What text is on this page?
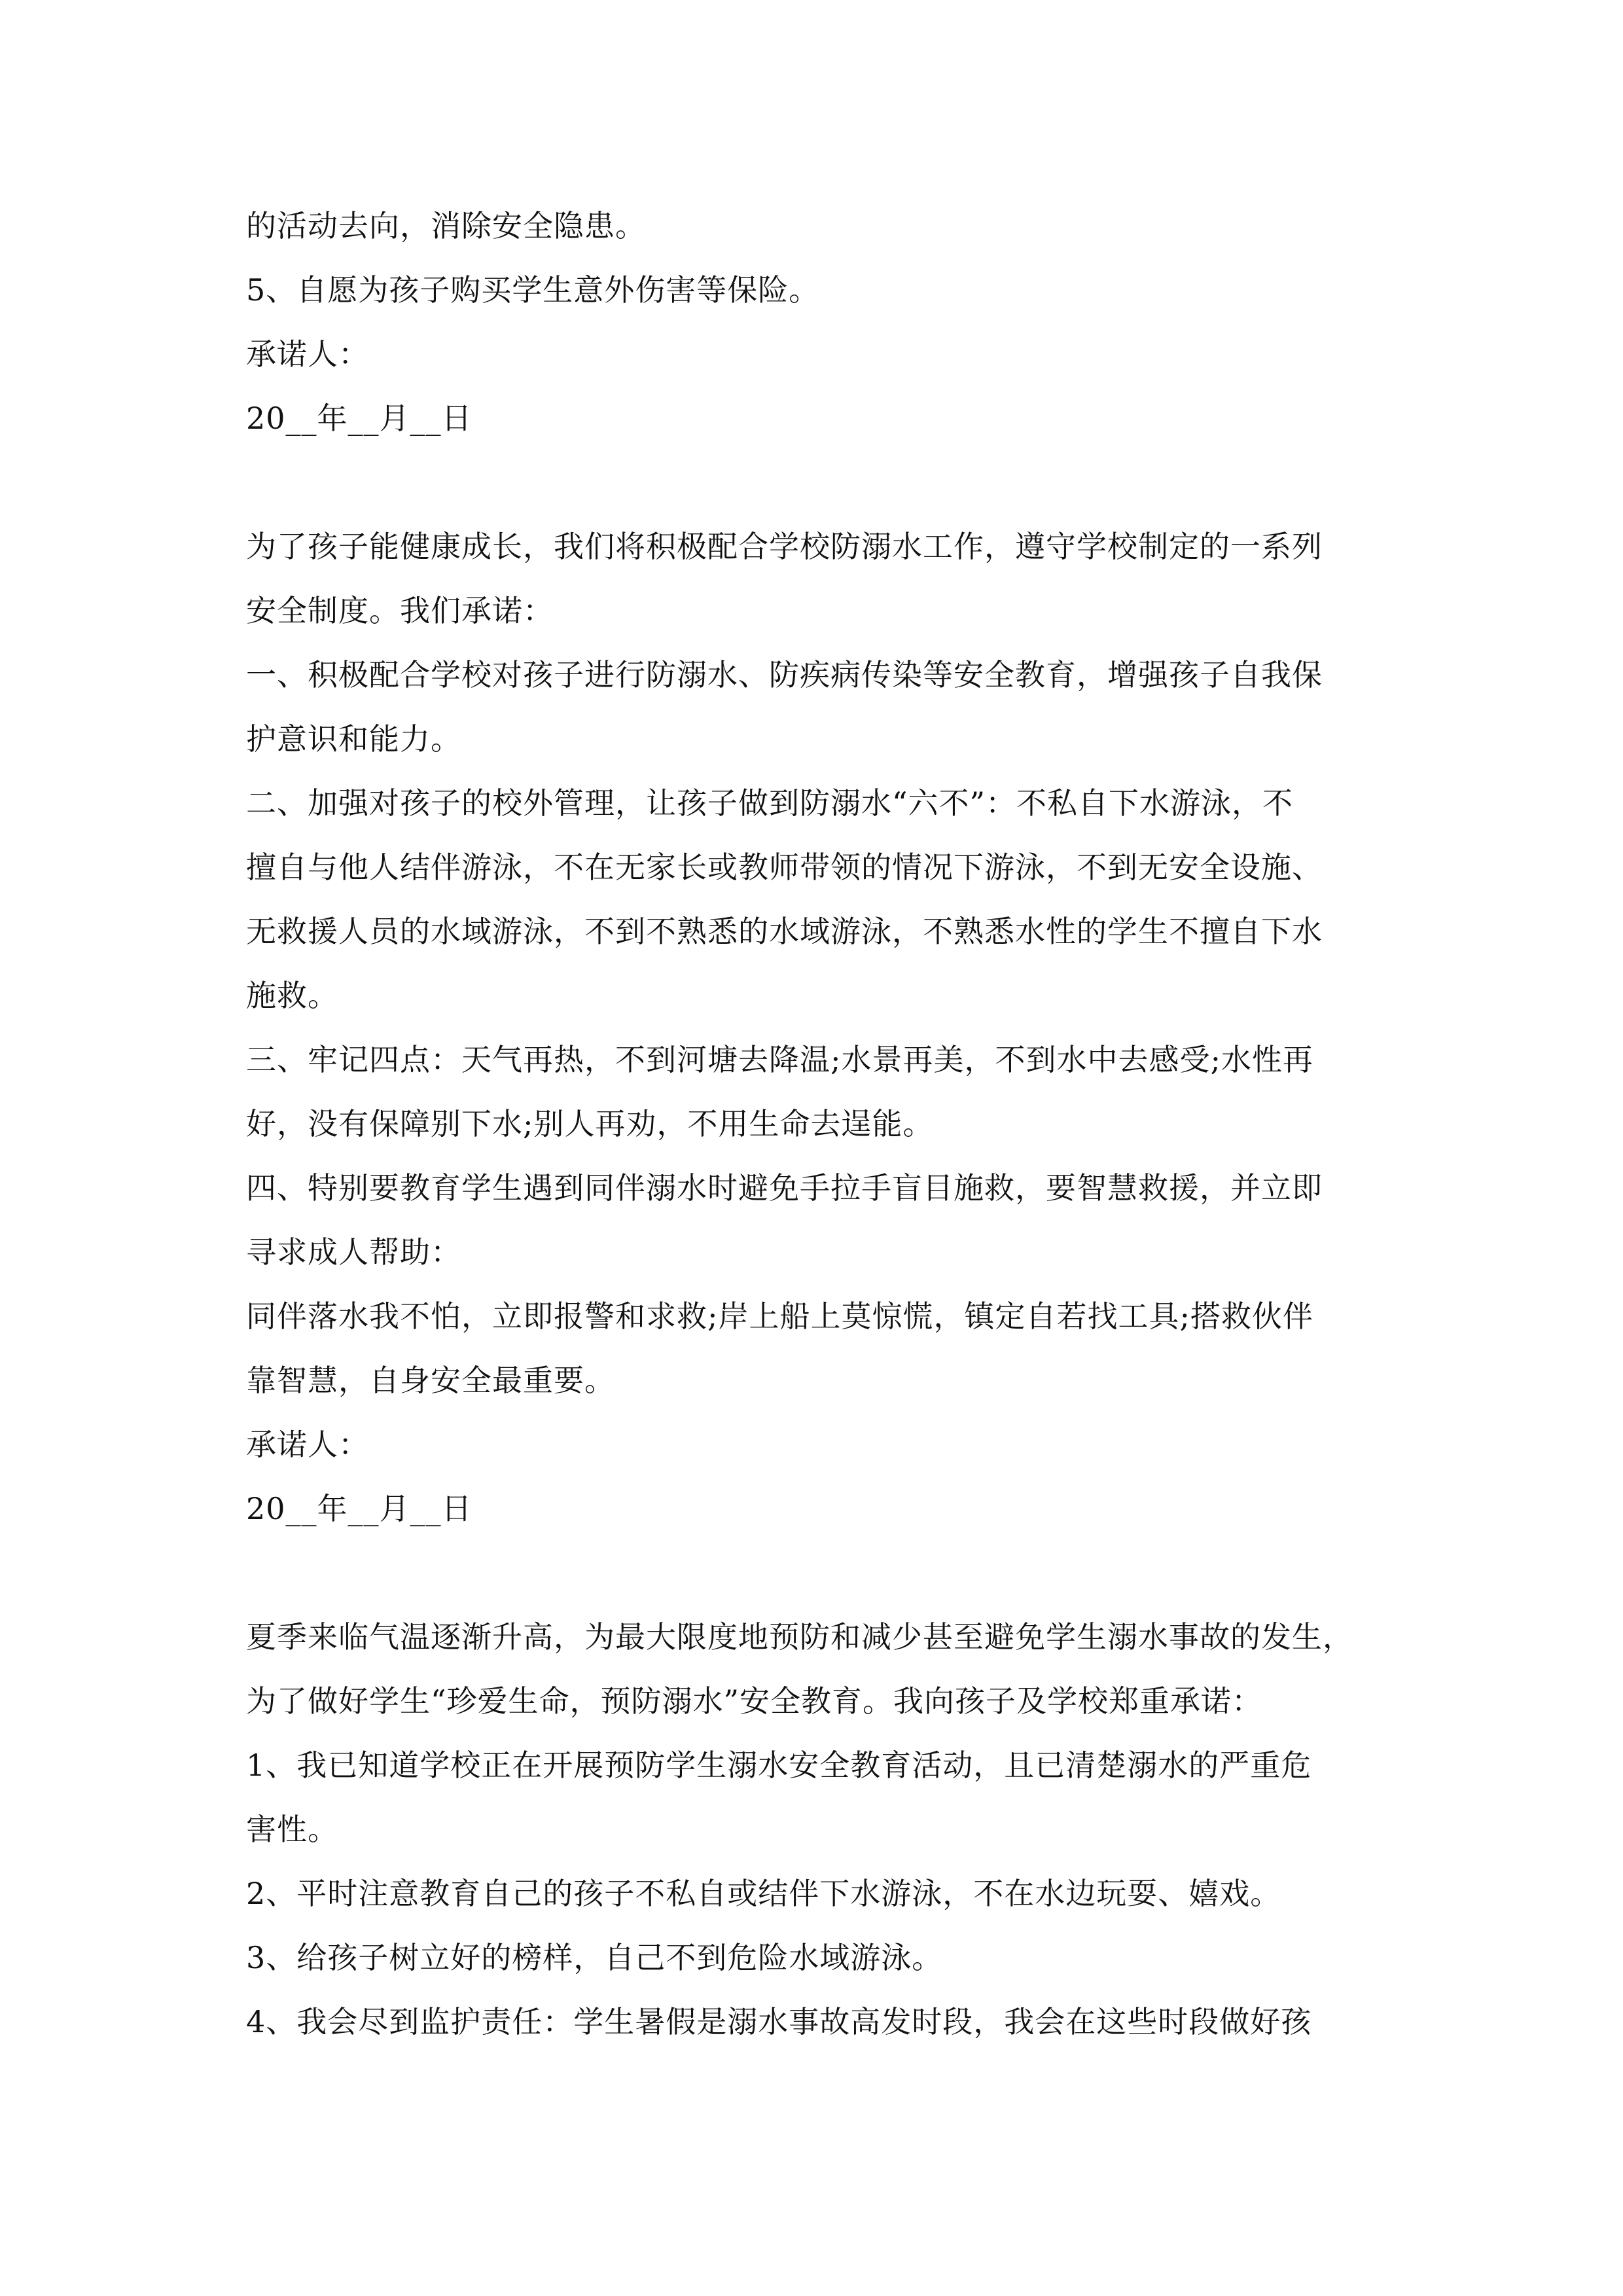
的活动去向，消除安全隐患。

5、自愿为孩子购买学生意外伤害等保险。

承诺人：

20__年__月__日

为了孩子能健康成长，我们将积极配合学校防溺水工作，遵守学校制定的一系列

安全制度。我们承诺：

一、积极配合学校对孩子进行防溺水、防疾病传染等安全教育，增强孩子自我保

护意识和能力。

二、加强对孩子的校外管理，让孩子做到防溺水“六不”：不私自下水游泳，不

擅自与他人结伴游泳，不在无家长或教师带领的情况下游泳，不到无安全设施、

无救援人员的水域游泳，不到不熟悉的水域游泳，不熟悉水性的学生不擅自下水

施救。

三、牢记四点：天气再热，不到河塘去降温;水景再美，不到水中去感受;水性再

好，没有保障别下水;别人再劝，不用生命去逞能。

四、特别要教育学生遇到同伴溺水时避免手拉手盲目施救，要智慧救援，并立即

寻求成人帮助：

同伴落水我不怕，立即报警和求救;岸上船上莫惊慌，镇定自若找工具;搭救伙伴

靠智慧，自身安全最重要。

承诺人：

20__年__月__日

夏季来临气温逐渐升高，为最大限度地预防和减少甚至避免学生溺水事故的发生，

为了做好学生“珍爱生命，预防溺水”安全教育。我向孩子及学校郑重承诺：

1、我已知道学校正在开展预防学生溺水安全教育活动，且已清楚溺水的严重危

害性。

2、平时注意教育自己的孩子不私自或结伴下水游泳，不在水边玩耍、嬉戏。

3、给孩子树立好的榜样，自己不到危险水域游泳。

4、我会尽到监护责任：学生暑假是溺水事故高发时段，我会在这些时段做好孩
